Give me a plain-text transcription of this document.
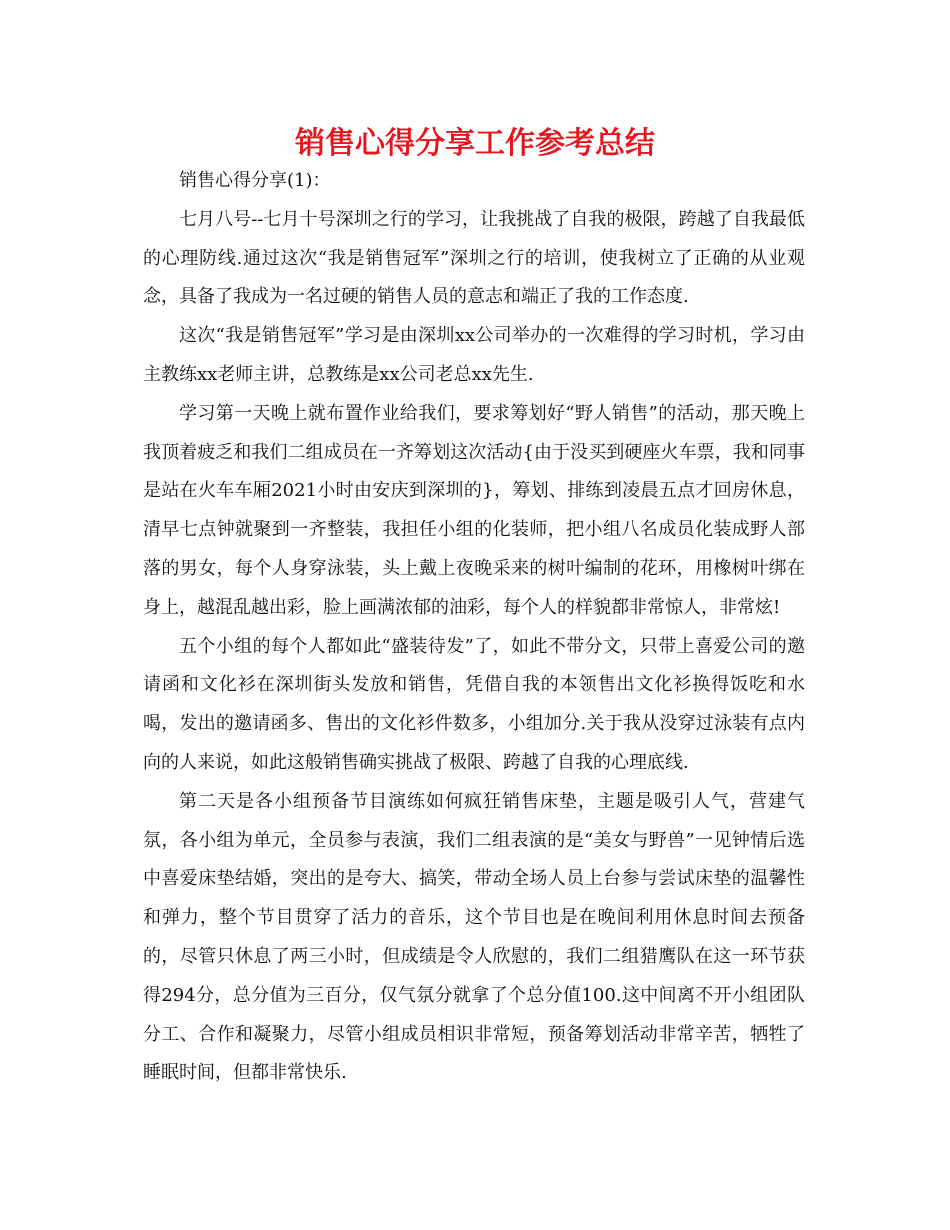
销售心得分享工作参考总结

销售心得分享(1)：

七月八号--七月十号深圳之行的学习，让我挑战了自我的极限，跨越了自我最低的心理防线.通过这次“我是销售冠军”深圳之行的培训，使我树立了正确的从业观念，具备了我成为一名过硬的销售人员的意志和端正了我的工作态度.

这次“我是销售冠军”学习是由深圳xx公司举办的一次难得的学习时机，学习由主教练xx老师主讲，总教练是xx公司老总xx先生.

学习第一天晚上就布置作业给我们，要求筹划好“野人销售”的活动，那天晚上我顶着疲乏和我们二组成员在一齐筹划这次活动{由于没买到硬座火车票，我和同事是站在火车车厢2021小时由安庆到深圳的}，筹划、排练到凌晨五点才回房休息，清早七点钟就聚到一齐整装，我担任小组的化装师，把小组八名成员化装成野人部落的男女，每个人身穿泳装，头上戴上夜晚采来的树叶编制的花环，用橡树叶绑在身上，越混乱越出彩，脸上画满浓郁的油彩，每个人的样貌都非常惊人，非常炫!

五个小组的每个人都如此“盛装待发”了，如此不带分文，只带上喜爱公司的邀请函和文化衫在深圳街头发放和销售，凭借自我的本领售出文化衫换得饭吃和水喝，发出的邀请函多、售出的文化衫件数多，小组加分.关于我从没穿过泳装有点内向的人来说，如此这般销售确实挑战了极限、跨越了自我的心理底线.

第二天是各小组预备节目演练如何疯狂销售床垫，主题是吸引人气，营建气氛，各小组为单元，全员参与表演，我们二组表演的是“美女与野兽”一见钟情后选中喜爱床垫结婚，突出的是夸大、搞笑，带动全场人员上台参与尝试床垫的温馨性和弹力，整个节目贯穿了活力的音乐，这个节目也是在晚间利用休息时间去预备的，尽管只休息了两三小时，但成绩是令人欣慰的，我们二组猎鹰队在这一环节获得294分，总分值为三百分，仅气氛分就拿了个总分值100.这中间离不开小组团队分工、合作和凝聚力，尽管小组成员相识非常短，预备筹划活动非常辛苦，牺牲了睡眠时间，但都非常快乐.
